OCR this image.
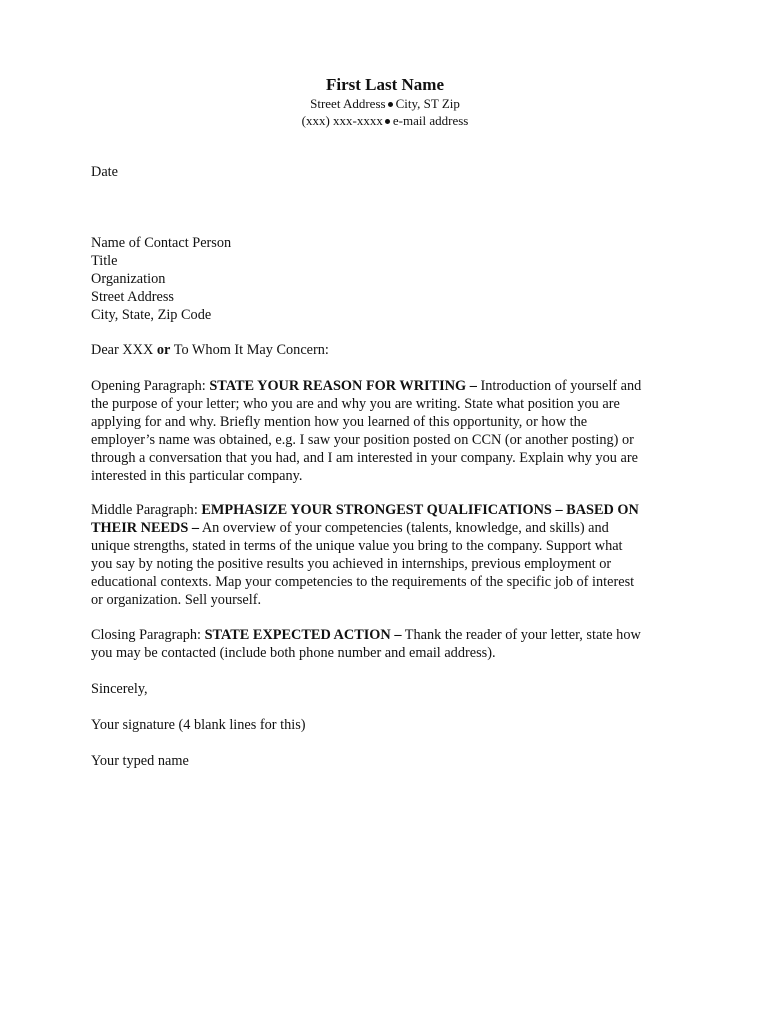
First Last Name
Street Address City, ST Zip
(xxx) xxx-xxxx e-mail address
Date
Name of Contact Person
Title
Organization
Street Address
City, State, Zip Code
Dear XXX or To Whom It May Concern:
Opening Paragraph: STATE YOUR REASON FOR WRITING – Introduction of yourself and
the purpose of your letter; who you are and why you are writing. State what position you are
applying for and why. Briefly mention how you learned of this opportunity, or how the
employer’s name was obtained, e.g. I saw your position posted on CCN (or another posting) or
through a conversation that you had, and I am interested in your company. Explain why you are
interested in this particular company.
Middle Paragraph: EMPHASIZE YOUR STRONGEST QUALIFICATIONS – BASED ON
THEIR NEEDS – An overview of your competencies (talents, knowledge, and skills) and
unique strengths, stated in terms of the unique value you bring to the company. Support what
you say by noting the positive results you achieved in internships, previous employment or
educational contexts. Map your competencies to the requirements of the specific job of interest
or organization. Sell yourself.
Closing Paragraph: STATE EXPECTED ACTION – Thank the reader of your letter, state how
you may be contacted (include both phone number and email address).
Sincerely,
Your signature (4 blank lines for this)
Your typed name
